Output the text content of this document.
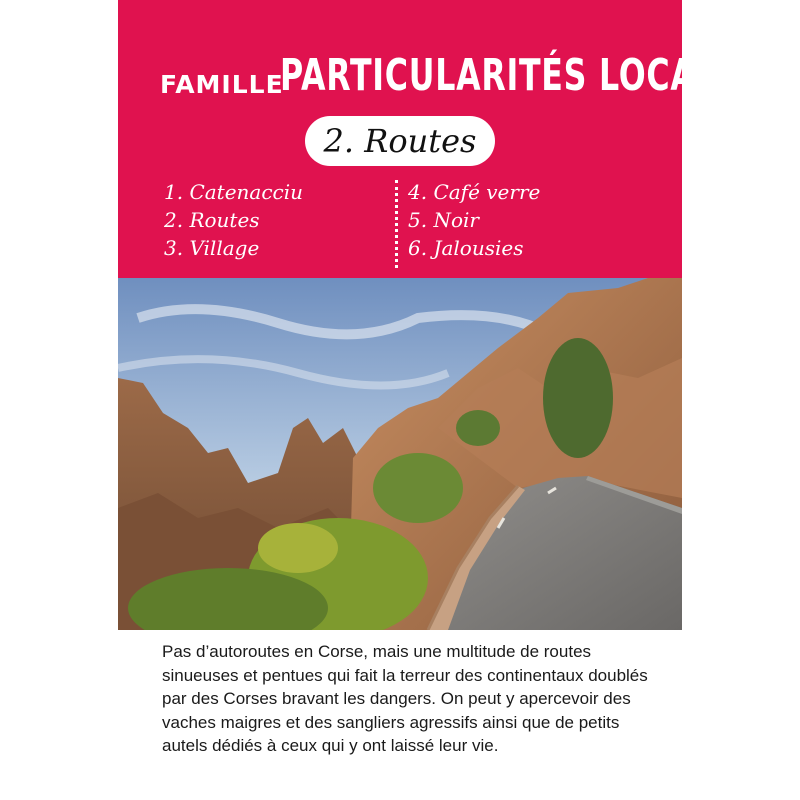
FAMILLE
PARTICULARITÉS LOCALES
2. Routes
1. Catenacciu
2. Routes
3. Village
4. Café verre
5. Noir
6. Jalousies
Pas d’autoroutes en Corse, mais une multitude de routes sinueuses et pentues qui fait la terreur des continentaux doublés par des Corses bravant les dangers. On peut y apercevoir des vaches maigres et des sangliers agressifs ainsi que de petits autels dédiés à ceux qui y ont laissé leur vie.
